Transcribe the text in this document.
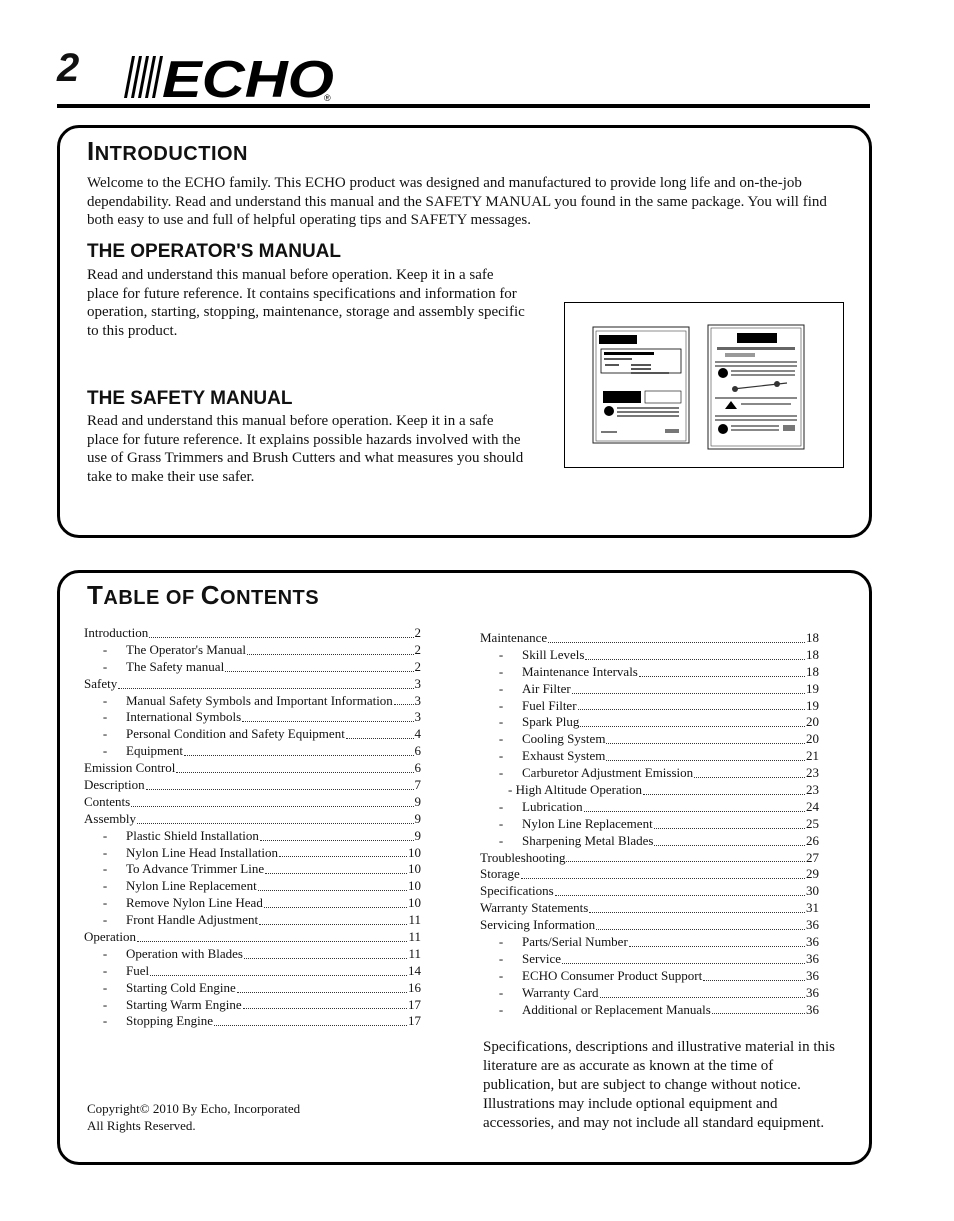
2 ECHO
®
INTRODUCTION
Welcome to the ECHO family. This ECHO product was designed and manufactured to provide long life and on-the-job dependability. Read and understand this manual and the SAFETY MANUAL you found in the same package. You will find both easy to use and full of helpful operating tips and SAFETY messages.
THE OPERATOR'S MANUAL
Read and understand this manual before operation. Keep it in a safe place for future reference. It contains specifications and information for operation, starting, stopping, maintenance, storage and assembly specific to this product.
THE SAFETY MANUAL
Read and understand this manual before operation. Keep it in a safe place for future reference. It explains possible hazards involved with the use of Grass Trimmers and Brush Cutters and what measures you should take to make their use safer.
TABLE OF CONTENTS
Introduction	2
- The Operator's Manual	2
- The Safety manual	2
Safety	3
- Manual Safety Symbols and Important Information 3
- International Symbols	3
- Personal Condition and Safety Equipment	4
- Equipment	6
Emission Control	6
Description	7
Contents	9
Assembly	9
- Plastic Shield Installation	9
- Nylon Line Head Installation	10
- To Advance Trimmer Line	10
- Nylon Line Replacement	10
- Remove Nylon Line Head	10
- Front Handle Adjustment	11
Operation	11
- Operation with Blades	11
- Fuel	14
- Starting Cold Engine	16
- Starting Warm Engine	17
- Stopping Engine	17
Maintenance	18
- Skill Levels	18
- Maintenance Intervals	18
- Air Filter	19
- Fuel Filter	19
- Spark Plug	20
- Cooling System	20
- Exhaust System	21
- Carburetor Adjustment Emission	23
- High Altitude Operation	23
- Lubrication	24
- Nylon Line Replacement	25
- Sharpening Metal Blades	26
Troubleshooting	27
Storage	29
Specifications	30
Warranty Statements	31
Servicing Information	36
- Parts/Serial Number	36
- Service	36
- ECHO Consumer Product Support	36
- Warranty Card	36
- Additional or Replacement Manuals	36
Copyright© 2010 By Echo, Incorporated
All Rights Reserved.
Specifications, descriptions and illustrative material in this literature are as accurate as known at the time of publication, but are subject to change without notice. Illustrations may include optional equipment and accessories, and may not include all standard equipment.
